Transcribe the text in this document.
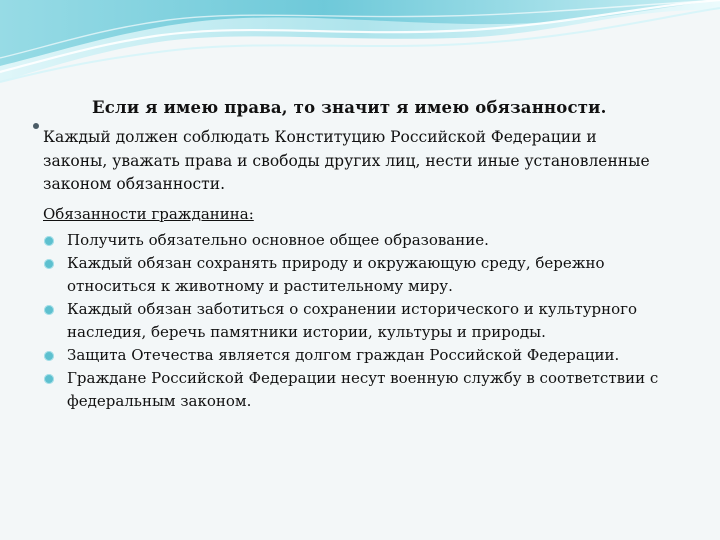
Если я имею права, то значит я имею обязанности.
Каждый должен соблюдать Конституцию Российской Федерации и
законы, уважать права и свободы других лиц, нести иные установленные
законом обязанности.
Обязанности гражданина:
Получить обязательно основное общее образование.
Каждый обязан сохранять природу и окружающую среду, бережно
относиться к животному и растительному миру.
Каждый обязан заботиться о сохранении исторического и культурного
наследия, беречь памятники истории, культуры и природы.
Защита Отечества является долгом граждан Российской Федерации.
Граждане Российской Федерации несут военную службу в соответствии с
федеральным законом.
